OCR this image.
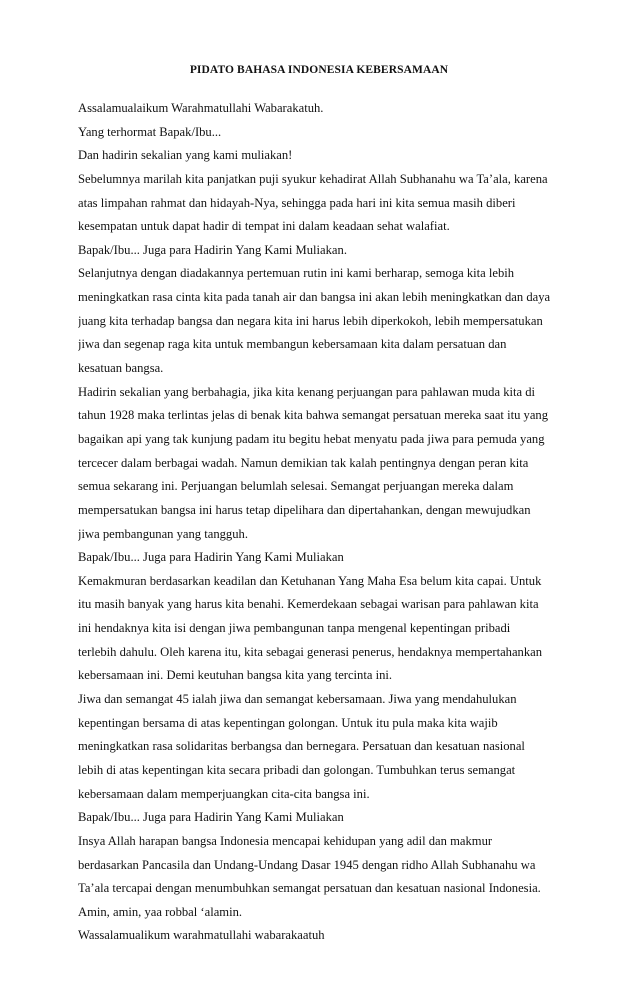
PIDATO BAHASA INDONESIA KEBERSAMAAN
Assalamualaikum Warahmatullahi Wabarakatuh.
Yang terhormat Bapak/Ibu...
Dan hadirin sekalian yang kami muliakan!
Sebelumnya marilah kita panjatkan puji syukur kehadirat Allah Subhanahu wa Ta’ala, karena
atas limpahan rahmat dan hidayah-Nya, sehingga pada hari ini kita semua masih diberi
kesempatan untuk dapat hadir di tempat ini dalam keadaan sehat walafiat.
Bapak/Ibu... Juga para Hadirin Yang Kami Muliakan.
Selanjutnya dengan diadakannya pertemuan rutin ini kami berharap, semoga kita lebih
meningkatkan rasa cinta kita pada tanah air dan bangsa ini akan lebih meningkatkan dan daya
juang kita terhadap bangsa dan negara kita ini harus lebih diperkokoh, lebih mempersatukan
jiwa dan segenap raga kita untuk membangun kebersamaan kita dalam persatuan dan
kesatuan bangsa.
Hadirin sekalian yang berbahagia, jika kita kenang perjuangan para pahlawan muda kita di
tahun 1928 maka terlintas jelas di benak kita bahwa semangat persatuan mereka saat itu yang
bagaikan api yang tak kunjung padam itu begitu hebat menyatu pada jiwa para pemuda yang
tercecer dalam berbagai wadah. Namun demikian tak kalah pentingnya dengan peran kita
semua sekarang ini. Perjuangan belumlah selesai. Semangat perjuangan mereka dalam
mempersatukan bangsa ini harus tetap dipelihara dan dipertahankan, dengan mewujudkan
jiwa pembangunan yang tangguh.
Bapak/Ibu... Juga para Hadirin Yang Kami Muliakan
Kemakmuran berdasarkan keadilan dan Ketuhanan Yang Maha Esa belum kita capai. Untuk
itu masih banyak yang harus kita benahi. Kemerdekaan sebagai warisan para pahlawan kita
ini hendaknya kita isi dengan jiwa pembangunan tanpa mengenal kepentingan pribadi
terlebih dahulu. Oleh karena itu, kita sebagai generasi penerus, hendaknya mempertahankan
kebersamaan ini. Demi keutuhan bangsa kita yang tercinta ini.
Jiwa dan semangat 45 ialah jiwa dan semangat kebersamaan. Jiwa yang mendahulukan
kepentingan bersama di atas kepentingan golongan. Untuk itu pula maka kita wajib
meningkatkan rasa solidaritas berbangsa dan bernegara. Persatuan dan kesatuan nasional
lebih di atas kepentingan kita secara pribadi dan golongan. Tumbuhkan terus semangat
kebersamaan dalam memperjuangkan cita-cita bangsa ini.
Bapak/Ibu... Juga para Hadirin Yang Kami Muliakan
Insya Allah harapan bangsa Indonesia mencapai kehidupan yang adil dan makmur
berdasarkan Pancasila dan Undang-Undang Dasar 1945 dengan ridho Allah Subhanahu wa
Ta’ala tercapai dengan menumbuhkan semangat persatuan dan kesatuan nasional Indonesia.
Amin, amin, yaa robbal ‘alamin.
Wassalamualikum warahmatullahi wabarakaatuh
